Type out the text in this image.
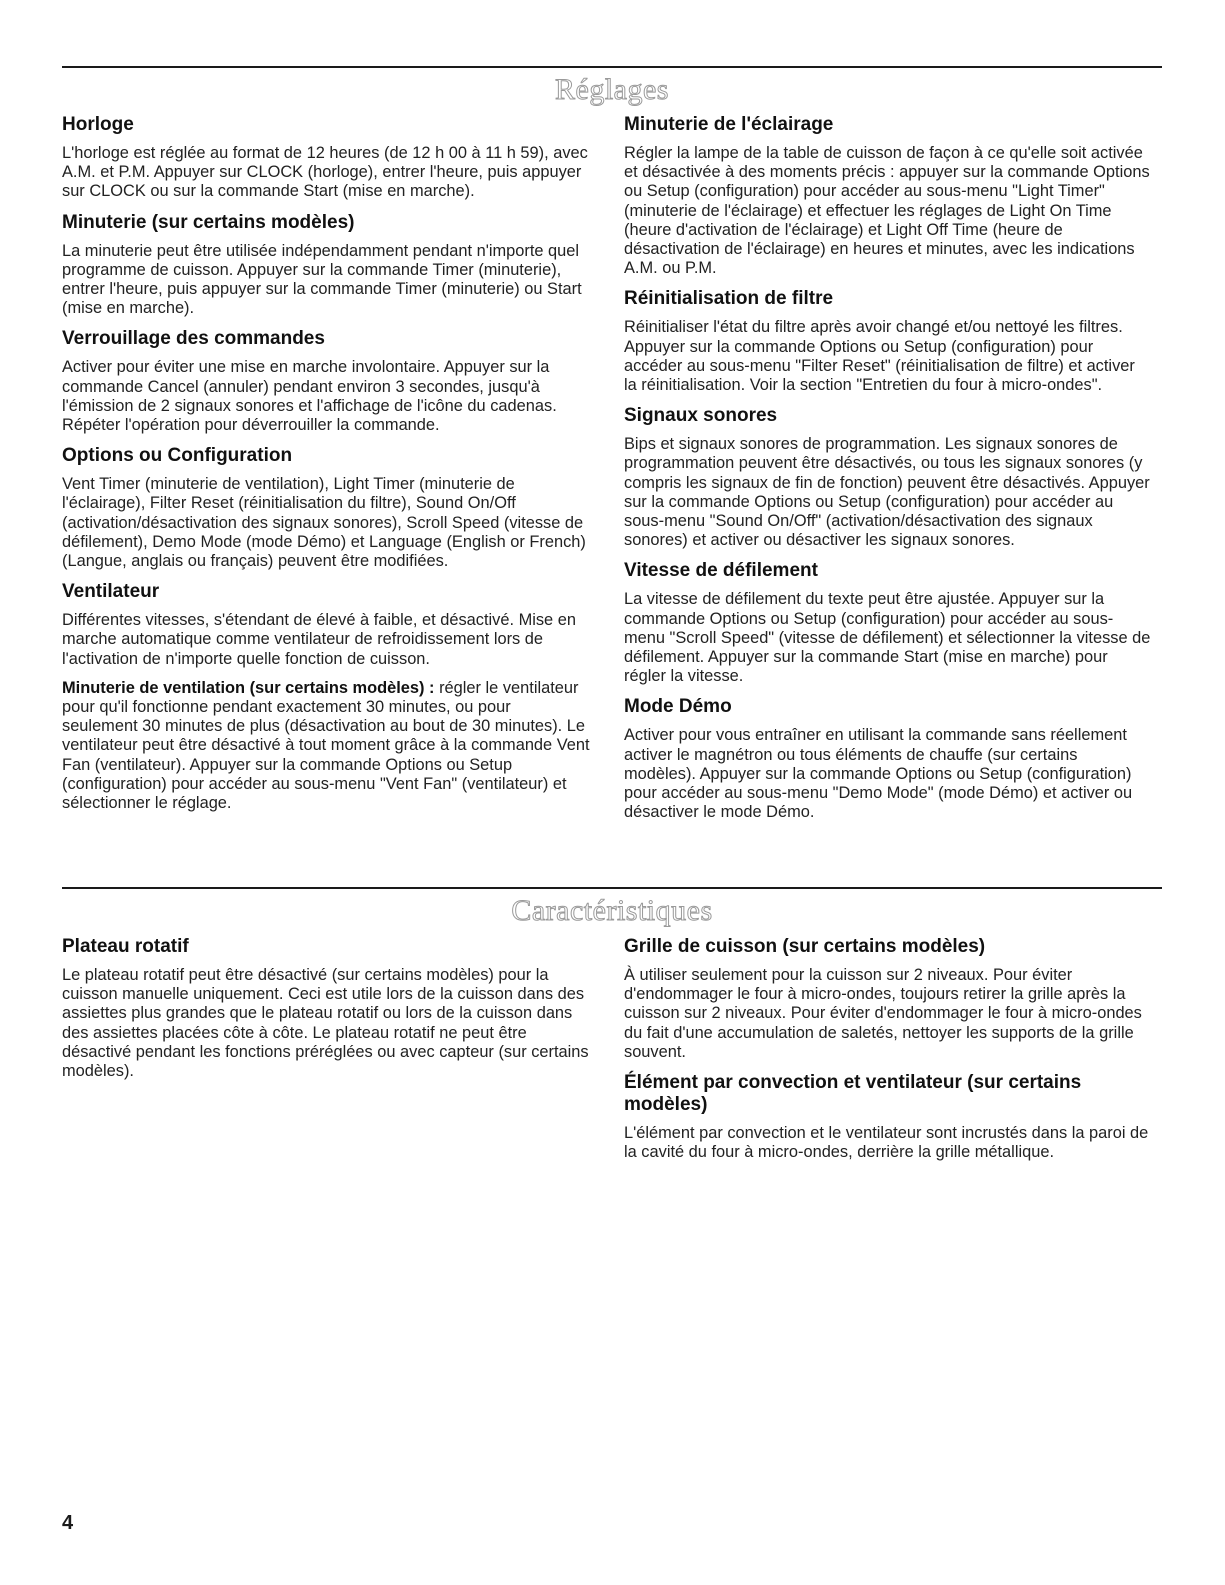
Réglages
Horloge
L'horloge est réglée au format de 12 heures (de 12 h 00 à 11 h 59), avec A.M. et P.M. Appuyer sur CLOCK (horloge), entrer l'heure, puis appuyer sur CLOCK ou sur la commande Start (mise en marche).
Minuterie (sur certains modèles)
La minuterie peut être utilisée indépendamment pendant n'importe quel programme de cuisson. Appuyer sur la commande Timer (minuterie), entrer l'heure, puis appuyer sur la commande Timer (minuterie) ou Start (mise en marche).
Verrouillage des commandes
Activer pour éviter une mise en marche involontaire. Appuyer sur la commande Cancel (annuler) pendant environ 3 secondes, jusqu'à l'émission de 2 signaux sonores et l'affichage de l'icône du cadenas. Répéter l'opération pour déverrouiller la commande.
Options ou Configuration
Vent Timer (minuterie de ventilation), Light Timer (minuterie de l'éclairage), Filter Reset (réinitialisation du filtre), Sound On/Off (activation/désactivation des signaux sonores), Scroll Speed (vitesse de défilement), Demo Mode (mode Démo) et Language (English or French) (Langue, anglais ou français) peuvent être modifiées.
Ventilateur
Différentes vitesses, s'étendant de élevé à faible, et désactivé. Mise en marche automatique comme ventilateur de refroidissement lors de l'activation de n'importe quelle fonction de cuisson.
Minuterie de ventilation (sur certains modèles) : régler le ventilateur pour qu'il fonctionne pendant exactement 30 minutes, ou pour seulement 30 minutes de plus (désactivation au bout de 30 minutes). Le ventilateur peut être désactivé à tout moment grâce à la commande Vent Fan (ventilateur). Appuyer sur la commande Options ou Setup (configuration) pour accéder au sous-menu "Vent Fan" (ventilateur) et sélectionner le réglage.
Minuterie de l'éclairage
Régler la lampe de la table de cuisson de façon à ce qu'elle soit activée et désactivée à des moments précis : appuyer sur la commande Options ou Setup (configuration) pour accéder au sous-menu "Light Timer" (minuterie de l'éclairage) et effectuer les réglages de Light On Time (heure d'activation de l'éclairage) et Light Off Time (heure de désactivation de l'éclairage) en heures et minutes, avec les indications A.M. ou P.M.
Réinitialisation de filtre
Réinitialiser l'état du filtre après avoir changé et/ou nettoyé les filtres. Appuyer sur la commande Options ou Setup (configuration) pour accéder au sous-menu "Filter Reset" (réinitialisation de filtre) et activer la réinitialisation. Voir la section "Entretien du four à micro-ondes".
Signaux sonores
Bips et signaux sonores de programmation. Les signaux sonores de programmation peuvent être désactivés, ou tous les signaux sonores (y compris les signaux de fin de fonction) peuvent être désactivés. Appuyer sur la commande Options ou Setup (configuration) pour accéder au sous-menu "Sound On/Off" (activation/désactivation des signaux sonores) et activer ou désactiver les signaux sonores.
Vitesse de défilement
La vitesse de défilement du texte peut être ajustée. Appuyer sur la commande Options ou Setup (configuration) pour accéder au sous-menu "Scroll Speed" (vitesse de défilement) et sélectionner la vitesse de défilement. Appuyer sur la commande Start (mise en marche) pour régler la vitesse.
Mode Démo
Activer pour vous entraîner en utilisant la commande sans réellement activer le magnétron ou tous éléments de chauffe (sur certains modèles). Appuyer sur la commande Options ou Setup (configuration) pour accéder au sous-menu "Demo Mode" (mode Démo) et activer ou désactiver le mode Démo.
Caractéristiques
Plateau rotatif
Le plateau rotatif peut être désactivé (sur certains modèles) pour la cuisson manuelle uniquement. Ceci est utile lors de la cuisson dans des assiettes plus grandes que le plateau rotatif ou lors de la cuisson dans des assiettes placées côte à côte. Le plateau rotatif ne peut être désactivé pendant les fonctions préréglées ou avec capteur (sur certains modèles).
Grille de cuisson (sur certains modèles)
À utiliser seulement pour la cuisson sur 2 niveaux. Pour éviter d'endommager le four à micro-ondes, toujours retirer la grille après la cuisson sur 2 niveaux. Pour éviter d'endommager le four à micro-ondes du fait d'une accumulation de saletés, nettoyer les supports de la grille souvent.
Élément par convection et ventilateur (sur certains modèles)
L'élément par convection et le ventilateur sont incrustés dans la paroi de la cavité du four à micro-ondes, derrière la grille métallique.
4
